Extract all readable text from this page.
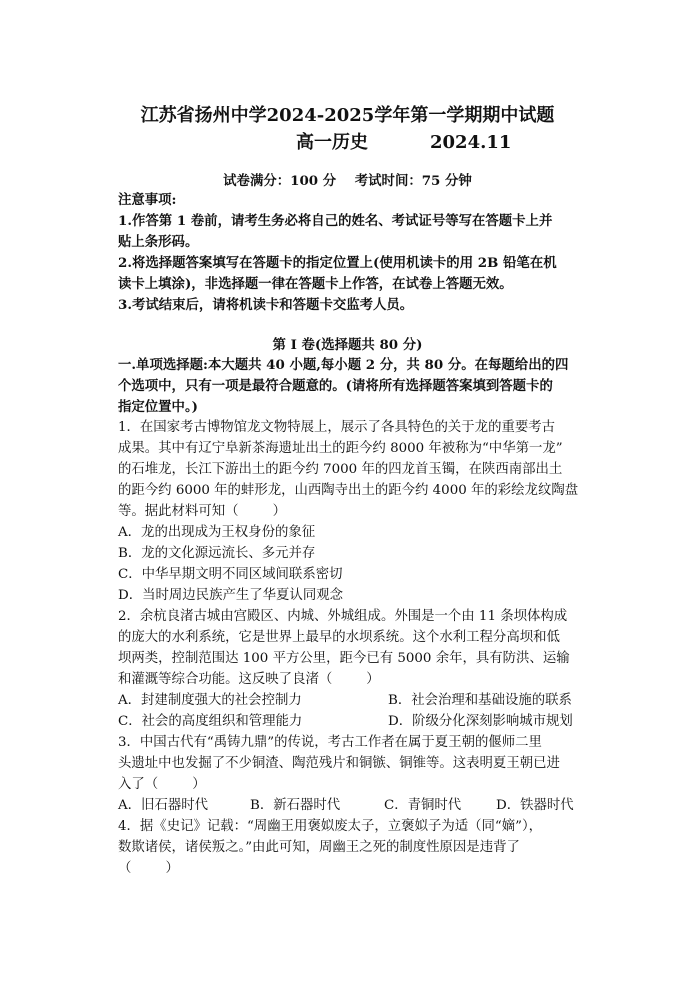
江苏省扬州中学2024-2025学年第一学期期中试题
高一历史	2024.11
试卷满分：100 分    考试时间：75 分钟
注意事项:
1.作答第 1 卷前，请考生务必将自己的姓名、考试证号等写在答题卡上并
贴上条形码。
2.将选择题答案填写在答题卡的指定位置上(使用机读卡的用 2B 铅笔在机
读卡上填涂)，非选择题一律在答题卡上作答，在试卷上答题无效。
3.考试结束后，请将机读卡和答题卡交监考人员。
第 I 卷(选择题共 80 分)
一.单项选择题:本大题共 40 小题,每小题 2 分，共 80 分。在每题给出的四
个选项中，只有一项是最符合题意的。(请将所有选择题答案填到答题卡的
指定位置中。)
1．在国家考古博物馆龙文物特展上，展示了各具特色的关于龙的重要考古
成果。其中有辽宁阜新茶海遗址出土的距今约 8000 年被称为“中华第一龙”
的石堆龙，长江下游出土的距今约 7000 年的四龙首玉镯，在陕西南部出土
的距今约 6000 年的蚌形龙，山西陶寺出土的距今约 4000 年的彩绘龙纹陶盘
等。据此材料可知（        ）
A．龙的出现成为王权身份的象征
B．龙的文化源远流长、多元并存
C．中华早期文明不同区域间联系密切
D．当时周边民族产生了华夏认同观念
2．余杭良渚古城由宫殿区、内城、外城组成。外围是一个由 11 条坝体构成
的庞大的水利系统，它是世界上最早的水坝系统。这个水利工程分高坝和低
坝两类，控制范围达 100 平方公里，距今已有 5000 余年，具有防洪、运输
和灌溉等综合功能。这反映了良渚（        ）
A．封建制度强大的社会控制力	B．社会治理和基础设施的联系
C．社会的高度组织和管理能力	D．阶级分化深刻影响城市规划
3．中国古代有“禹铸九鼎”的传说，考古工作者在属于夏王朝的偃师二里
头遗址中也发掘了不少铜渣、陶范残片和铜镞、铜锥等。这表明夏王朝已进
入了（        ）
A．旧石器时代	B．新石器时代	C．青铜时代	D．铁器时代
4．据《史记》记载：“周幽王用褒姒废太子，立褒姒子为适（同“嫡”），
数欺诸侯，诸侯叛之。”由此可知，周幽王之死的制度性原因是违背了
（        ）
